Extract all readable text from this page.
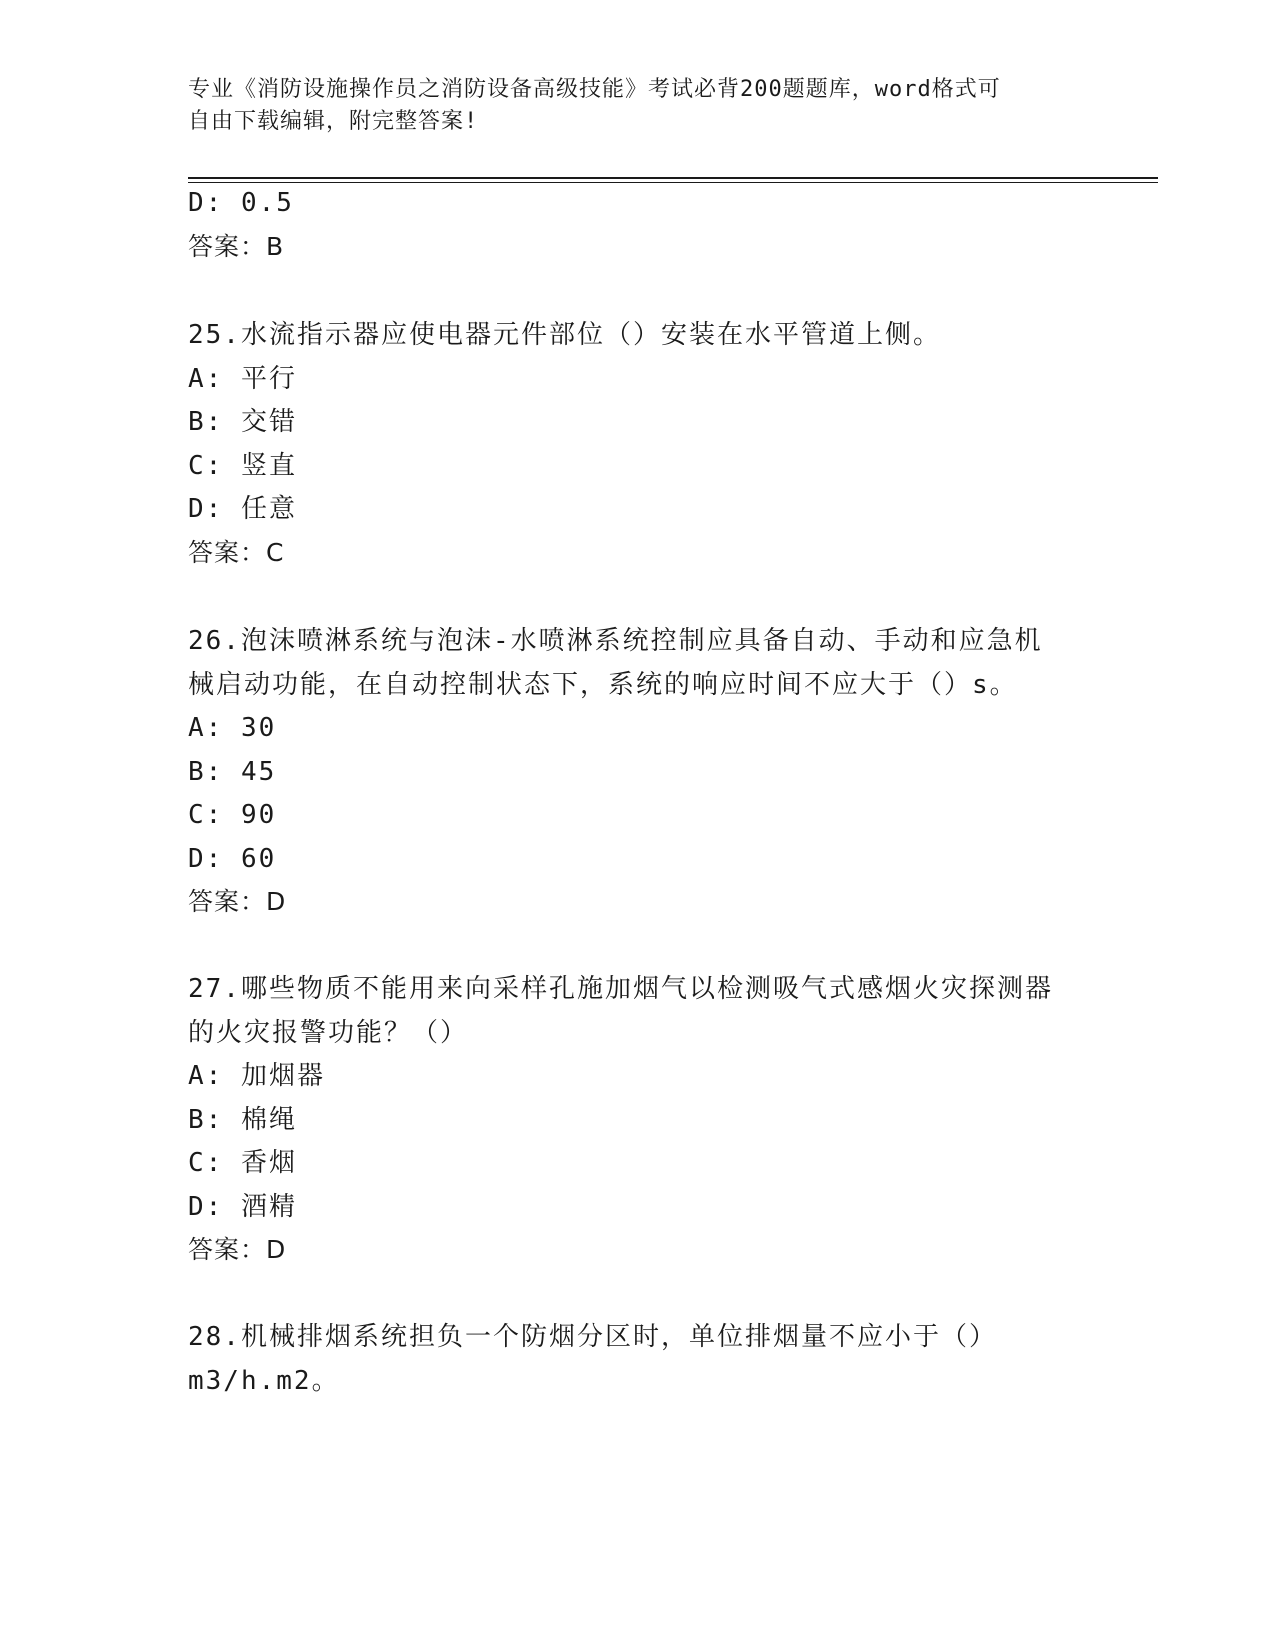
专业《消防设施操作员之消防设备高级技能》考试必背200题题库，word格式可
自由下载编辑，附完整答案!
D: 0.5
答案：B
25.水流指示器应使电器元件部位（）安装在水平管道上侧。
A: 平行
B: 交错
C: 竖直
D: 任意
答案：C
26.泡沫喷淋系统与泡沫-水喷淋系统控制应具备自动、手动和应急机
械启动功能，在自动控制状态下，系统的响应时间不应大于（）s。
A: 30
B: 45
C: 90
D: 60
答案：D
27.哪些物质不能用来向采样孔施加烟气以检测吸气式感烟火灾探测器
的火灾报警功能？（）
A: 加烟器
B: 棉绳
C: 香烟
D: 酒精
答案：D
28.机械排烟系统担负一个防烟分区时，单位排烟量不应小于（）
m3/h.m2。
